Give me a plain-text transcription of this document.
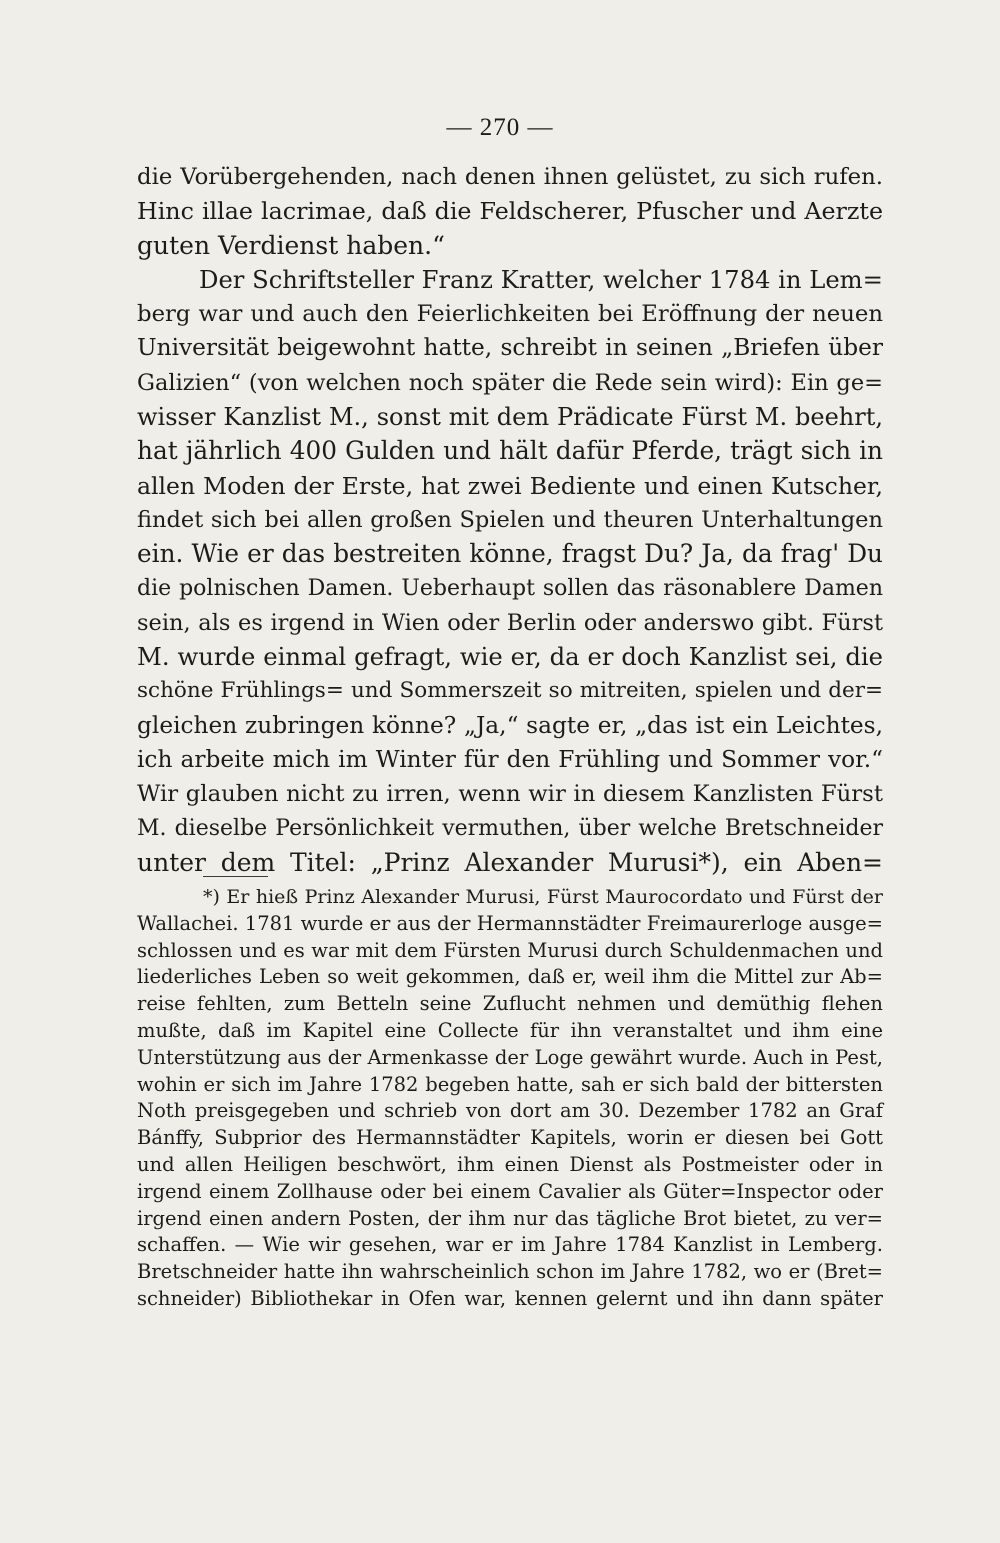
— 270 —
die Vorübergehenden, nach denen ihnen gelüstet, zu sich rufen.
Hinc illae lacrimae, daß die Feldscherer, Pfuscher und Aerzte
guten Verdienst haben.“
Der Schriftsteller Franz Kratter, welcher 1784 in Lem=
berg war und auch den Feierlichkeiten bei Eröffnung der neuen
Universität beigewohnt hatte, schreibt in seinen „Briefen über
Galizien“ (von welchen noch später die Rede sein wird): Ein ge=
wisser Kanzlist M., sonst mit dem Prädicate Fürst M. beehrt,
hat jährlich 400 Gulden und hält dafür Pferde, trägt sich in
allen Moden der Erste, hat zwei Bediente und einen Kutscher,
findet sich bei allen großen Spielen und theuren Unterhaltungen
ein. Wie er das bestreiten könne, fragst Du? Ja, da frag' Du
die polnischen Damen. Ueberhaupt sollen das räsonablere Damen
sein, als es irgend in Wien oder Berlin oder anderswo gibt. Fürst
M. wurde einmal gefragt, wie er, da er doch Kanzlist sei, die
schöne Frühlings= und Sommerszeit so mitreiten, spielen und der=
gleichen zubringen könne? „Ja,“ sagte er, „das ist ein Leichtes,
ich arbeite mich im Winter für den Frühling und Sommer vor.“
Wir glauben nicht zu irren, wenn wir in diesem Kanzlisten Fürst
M. dieselbe Persönlichkeit vermuthen, über welche Bretschneider
unter dem Titel: „Prinz Alexander Murusi*), ein Aben=
*) Er hieß Prinz Alexander Murusi, Fürst Maurocordato und Fürst der
Wallachei. 1781 wurde er aus der Hermannstädter Freimaurerloge ausge=
schlossen und es war mit dem Fürsten Murusi durch Schuldenmachen und
liederliches Leben so weit gekommen, daß er, weil ihm die Mittel zur Ab=
reise fehlten, zum Betteln seine Zuflucht nehmen und demüthig flehen
mußte, daß im Kapitel eine Collecte für ihn veranstaltet und ihm eine
Unterstützung aus der Armenkasse der Loge gewährt wurde. Auch in Pest,
wohin er sich im Jahre 1782 begeben hatte, sah er sich bald der bittersten
Noth preisgegeben und schrieb von dort am 30. Dezember 1782 an Graf
Bánffy, Subprior des Hermannstädter Kapitels, worin er diesen bei Gott
und allen Heiligen beschwört, ihm einen Dienst als Postmeister oder in
irgend einem Zollhause oder bei einem Cavalier als Güter=Inspector oder
irgend einen andern Posten, der ihm nur das tägliche Brot bietet, zu ver=
schaffen. — Wie wir gesehen, war er im Jahre 1784 Kanzlist in Lemberg.
Bretschneider hatte ihn wahrscheinlich schon im Jahre 1782, wo er (Bret=
schneider) Bibliothekar in Ofen war, kennen gelernt und ihn dann später
